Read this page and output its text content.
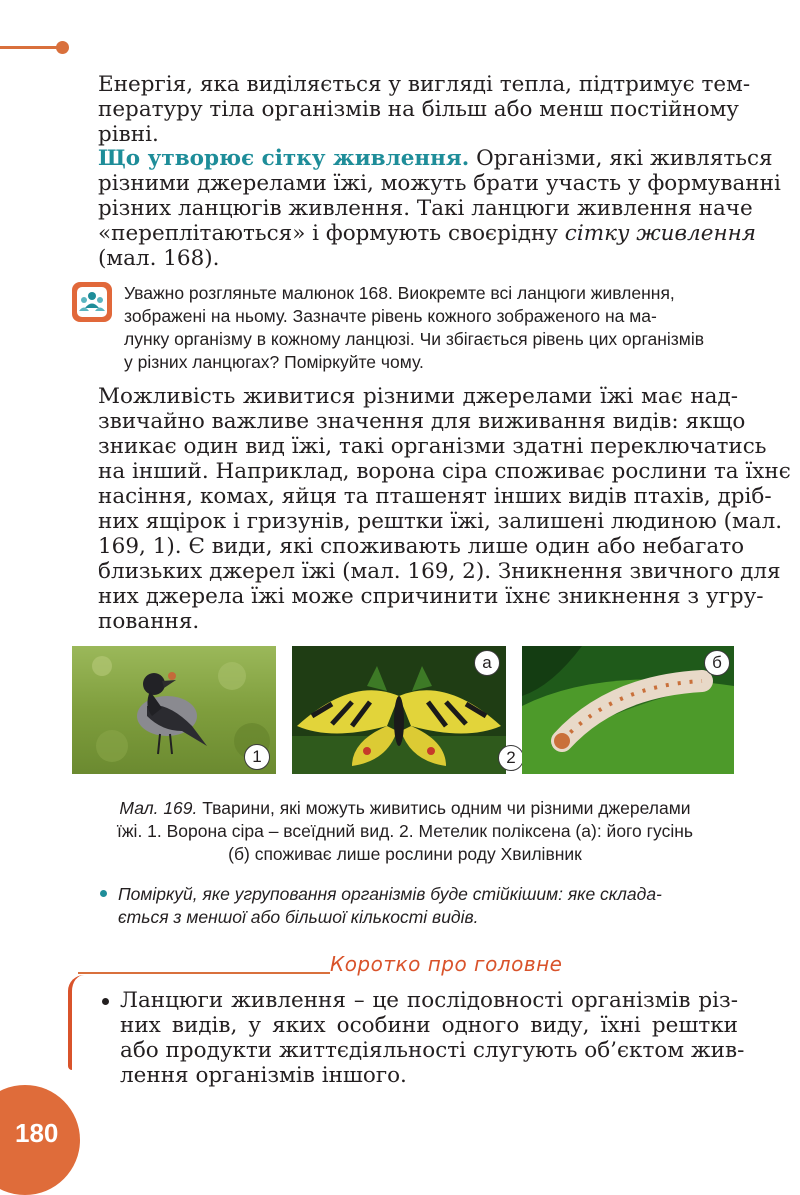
Енергія, яка виділяється у вигляді тепла, підтримує тем-
пературу тіла організмів на більш або менш постійному
рівні.

Що утворює сітку живлення. Організми, які живляться
різними джерелами їжі, можуть брати участь у формуванні
різних ланцюгів живлення. Такі ланцюги живлення наче
«переплітаються» і формують своєрідну сітку живлення
(мал. 168).

Уважно розгляньте малюнок 168. Виокремте всі ланцюги живлення,
зображені на ньому. Зазначте рівень кожного зображеного на ма-
лунку організму в кожному ланцюзі. Чи збігається рівень цих організмів
у різних ланцюгах? Поміркуйте чому.

Можливість живитися різними джерелами їжі має над-
звичайно важливе значення для виживання видів: якщо
зникає один вид їжі, такі організми здатні переключатись
на інший. Наприклад, ворона сіра споживає рослини та їхнє
насіння, комах, яйця та пташенят інших видів птахів, дріб-
них ящірок і гризунів, рештки їжі, залишені людиною (мал.
169, 1). Є види, які споживають лише один або небагато
близьких джерел їжі (мал. 169, 2). Зникнення звичного для
них джерела їжі може спричинити їхнє зникнення з угру-
повання.

1
а
2
б

Мал. 169. Тварини, які можуть живитись одним чи різними джерелами
їжі. 1. Ворона сіра – всеїдний вид. 2. Метелик поліксена (а): його гусінь
(б) споживає лише рослини роду Хвилівник

Поміркуй, яке угруповання організмів буде стійкішим: яке склада-
ється з меншої або більшої кількості видів.

Коротко про головне

Ланцюги живлення – це послідовності організмів різ-
них видів, у яких особини одного виду, їхні рештки
або продукти життєдіяльності слугують об’єктом жив-
лення організмів іншого.

180
